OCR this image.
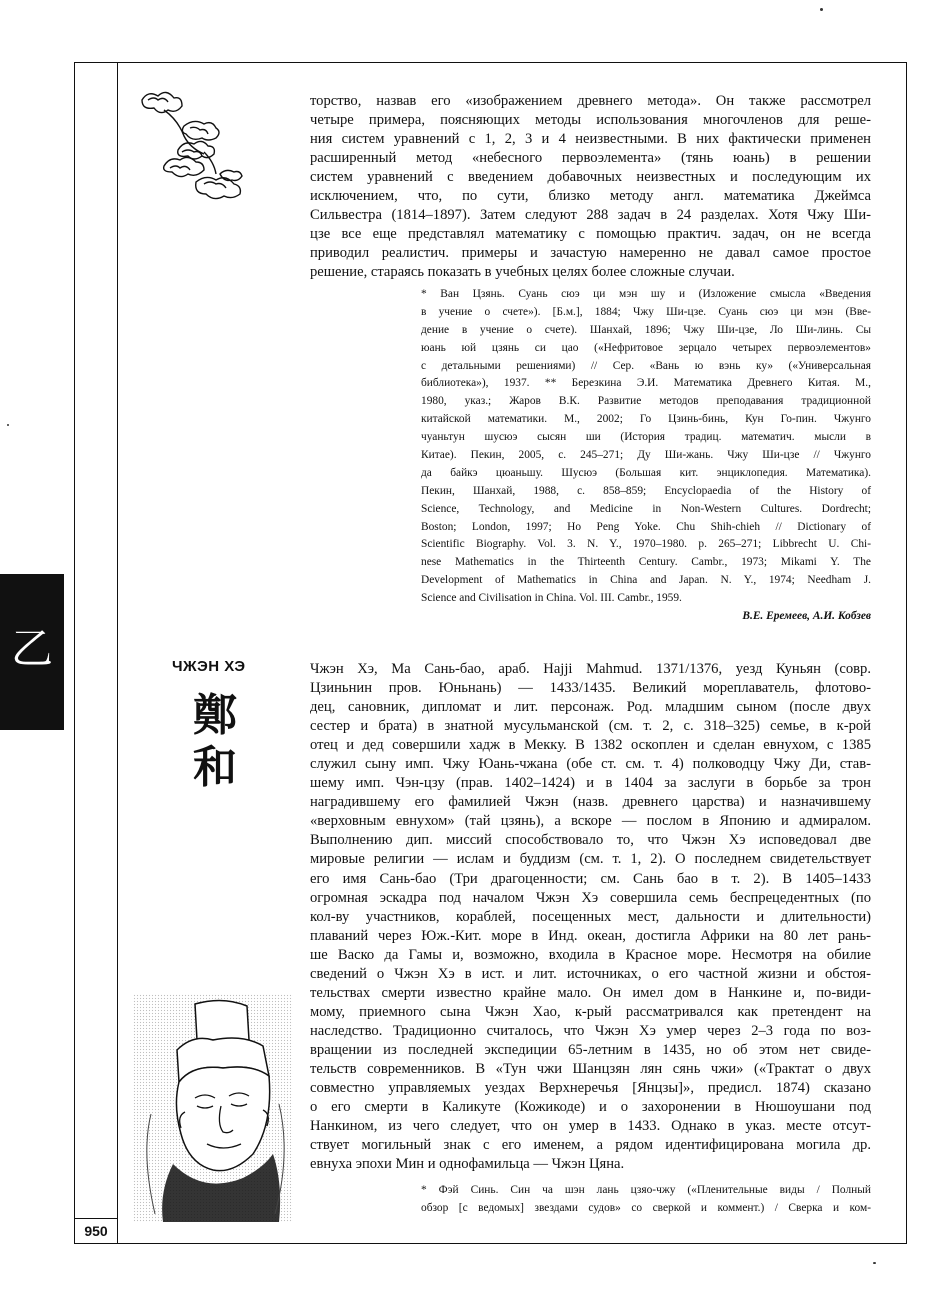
950
乙
торство, назвав его «изображением древнего метода». Он также рассмотрел
четыре примера, поясняющих методы использования многочленов для реше-
ния систем уравнений с 1, 2, 3 и 4 неизвестными. В них фактически применен
расширенный метод «небесного первоэлемента» (тянь юань) в решении
систем уравнений с введением добавочных неизвестных и последующим их
исключением, что, по сути, близко методу англ. математика Джеймса
Сильвестра (1814–1897). Затем следуют 288 задач в 24 разделах. Хотя Чжу Ши-
цзе все еще представлял математику с помощью практич. задач, он не всегда
приводил реалистич. примеры и зачастую намеренно не давал самое простое
решение, стараясь показать в учебных целях более сложные случаи.
* Ван Цзянь. Суань сюэ ци мэн шу и (Изложение смысла «Введения
в учение о счете»). [Б.м.], 1884; Чжу Ши-цзе. Суань сюэ ци мэн (Вве-
дение в учение о счете). Шанхай, 1896; Чжу Ши-цзе, Ло Ши-линь. Сы
юань юй цзянь си цао («Нефритовое зерцало четырех первоэлементов»
с детальными решениями) // Сер. «Вань ю вэнь ку» («Универсальная
библиотека»), 1937. ** Березкина Э.И. Математика Древнего Китая. М.,
1980, указ.; Жаров В.К. Развитие методов преподавания традиционной
китайской математики. М., 2002; Го Цзинь-бинь, Кун Го-пин. Чжунго
чуаньтун шусюэ сысян ши (История традиц. математич. мысли в
Китае). Пекин, 2005, с. 245–271; Ду Ши-жань. Чжу Ши-цзе // Чжунго
да байкэ цюаньшу. Шусюэ (Большая кит. энциклопедия. Математика).
Пекин, Шанхай, 1988, с. 858–859; Encyclopaedia of the History of
Science, Technology, and Medicine in Non-Western Cultures. Dordrecht;
Boston; London, 1997; Ho Peng Yoke. Chu Shih-chieh // Dictionary of
Scientific Biography. Vol. 3. N. Y., 1970–1980. p. 265–271; Libbrecht U. Chi-
nese Mathematics in the Thirteenth Century. Cambr., 1973; Mikami Y. The
Development of Mathematics in China and Japan. N. Y., 1974; Needham J.
Science and Civilisation in China. Vol. III. Cambr., 1959.
В.Е. Еремеев, А.И. Кобзев
ЧЖЭН ХЭ
鄭
和
Чжэн Хэ, Ма Сань-бао, араб. Hajji Mahmud. 1371/1376, уезд Куньян (совр.
Цзиньнин пров. Юньнань) — 1433/1435. Великий мореплаватель, флотово-
дец, сановник, дипломат и лит. персонаж. Род. младшим сыном (после двух
сестер и брата) в знатной мусульманской (см. т. 2, с. 318–325) семье, в к-рой
отец и дед совершили хадж в Мекку. В 1382 оскоплен и сделан евнухом, с 1385
служил сыну имп. Чжу Юань-чжана (обе ст. см. т. 4) полководцу Чжу Ди, став-
шему имп. Чэн-цзу (прав. 1402–1424) и в 1404 за заслуги в борьбе за трон
наградившему его фамилией Чжэн (назв. древнего царства) и назначившему
«верховным евнухом» (тай цзянь), а вскоре — послом в Японию и адмиралом.
Выполнению дип. миссий способствовало то, что Чжэн Хэ исповедовал две
мировые религии — ислам и буддизм (см. т. 1, 2). О последнем свидетельствует
его имя Сань-бао (Три драгоценности; см. Сань бао в т. 2). В 1405–1433
огромная эскадра под началом Чжэн Хэ совершила семь беспрецедентных (по
кол-ву участников, кораблей, посещенных мест, дальности и длительности)
плаваний через Юж.-Кит. море в Инд. океан, достигла Африки на 80 лет рань-
ше Васко да Гамы и, возможно, входила в Красное море. Несмотря на обилие
сведений о Чжэн Хэ в ист. и лит. источниках, о его частной жизни и обстоя-
тельствах смерти известно крайне мало. Он имел дом в Нанкине и, по-види-
мому, приемного сына Чжэн Хао, к-рый рассматривался как претендент на
наследство. Традиционно считалось, что Чжэн Хэ умер через 2–3 года по воз-
вращении из последней экспедиции 65-летним в 1435, но об этом нет свиде-
тельств современников. В «Тун чжи Шанцзян лян сянь чжи» («Трактат о двух
совместно управляемых уездах Верхнеречья [Янцзы]», предисл. 1874) сказано
о его смерти в Каликуте (Кожикоде) и о захоронении в Нюшоушани под
Нанкином, из чего следует, что он умер в 1433. Однако в указ. месте отсут-
ствует могильный знак с его именем, а рядом идентифицирована могила др.
евнуха эпохи Мин и однофамильца — Чжэн Цяна.
* Фэй Синь. Син ча шэн лань цзяо-чжу («Пленительные виды / Полный
обзор [с ведомых] звездами судов» со сверкой и коммент.) / Сверка и ком-
